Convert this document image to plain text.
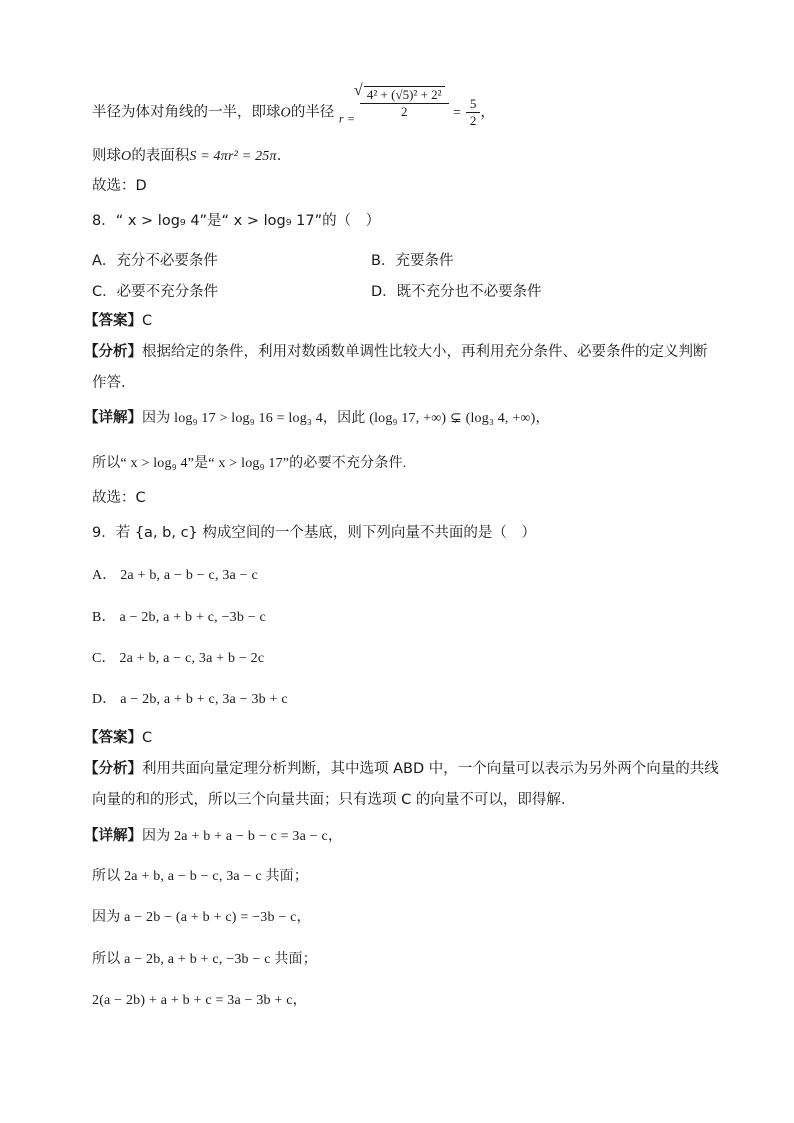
半径为体对角线的一半，即球O的半径 $_{r =}$
√ $\frac{\text{4² + (√5)² + 2²}}{2} = \frac{5}{2}$ ，
则球O的表面积S = 4πr² = 25π.
故选：D
8．“ x > log₉ 4”是“ x > log₉ 17”的（　）
A．充分不必要条件	B．充要条件
C．必要不充分条件	D．既不充分也不必要条件
【答案】C
【分析】根据给定的条件，利用对数函数单调性比较大小，再利用充分条件、必要条件的定义判断
作答.
【详解】因为 log₉ 17 > log₉ 16 = log₃ 4，因此 (log₉ 17, +∞) ⊊ (log₃ 4, +∞)，
所以“ x > log₉ 4”是“ x > log₉ 17”的必要不充分条件.
故选：C
9．若 {a, b, c} 构成空间的一个基底，则下列向量不共面的是（　）
A． 2a + b, a − b − c, 3a − c
B． a − 2b, a + b + c, −3b − c
C． 2a + b, a − c, 3a + b − 2c
D． a − 2b, a + b + c, 3a − 3b + c
【答案】C
【分析】利用共面向量定理分析判断，其中选项 ABD 中，一个向量可以表示为另外两个向量的共线
向量的和的形式，所以三个向量共面；只有选项 C 的向量不可以，即得解.
【详解】因为 2a + b + a − b − c = 3a − c，
所以 2a + b, a − b − c, 3a − c 共面；
因为 a − 2b − (a + b + c) = −3b − c，
所以 a − 2b, a + b + c, −3b − c 共面；
2(a − 2b) + a + b + c = 3a − 3b + c，
